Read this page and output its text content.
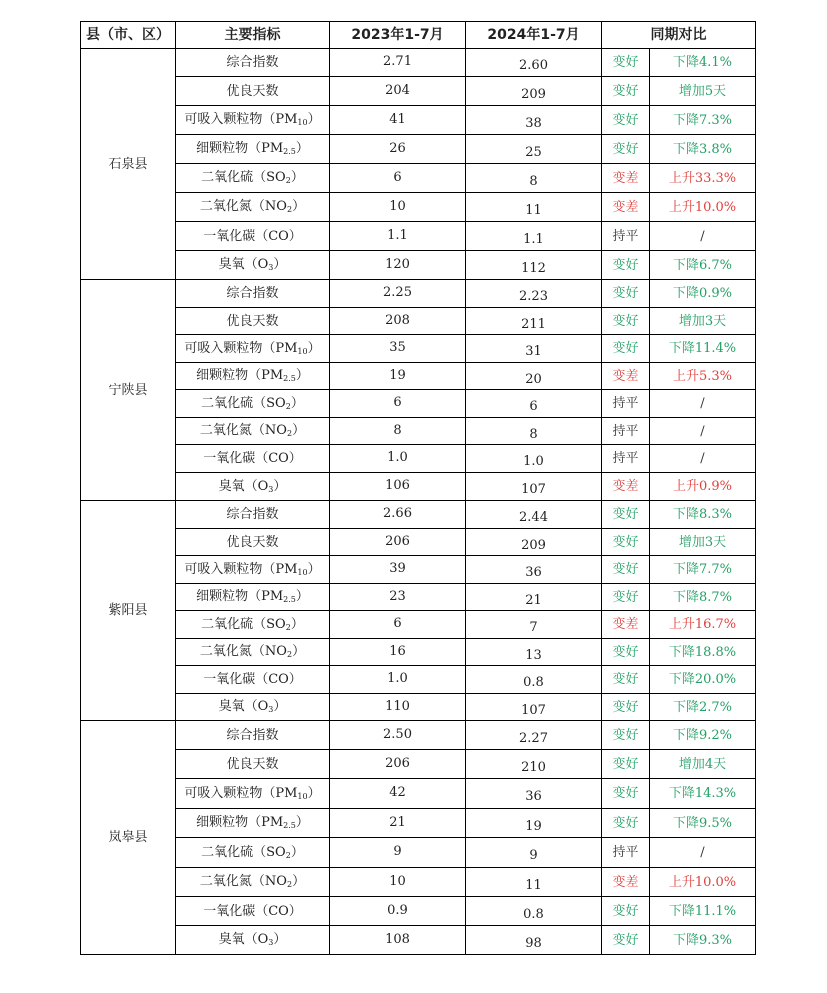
县（市、区）	主要指标	2023年1-7月	2024年1-7月	同期对比	
石泉县	综合指数	2.71	2.60	变好	下降4.1%
	优良天数	204	209	变好	增加5天
	可吸入颗粒物$(PM_{10})$	41	38	变好	下降7.3%
	细颗粒物$(PM_{2.5})$	26	25	变好	下降3.8%
	二氧化硫$(SO_2)$	6	8	变差	上升33.3%
	二氧化氮$(NO_2)$	10	11	变差	上升10.0%
	一氧化碳（CO）	1.1	1.1	持平	/
	臭氧$(O_3)$	120	112	变好	下降6.7%
宁陕县	综合指数	2.25	2.23	变好	下降0.9%
	优良天数	208	211	变好	增加3天
	可吸入颗粒物$(PM_{10})$	35	31	变好	下降11.4%
	细颗粒物$(PM_{2.5})$	19	20	变差	上升5.3%
	二氧化硫$(SO_2)$	6	6	持平	/
	二氧化氮$(NO_2)$	8	8	持平	/
	一氧化碳（CO）	1.0	1.0	持平	/
	臭氧$(O_3)$	106	107	变差	上升0.9%
紫阳县	综合指数	2.66	2.44	变好	下降8.3%
	优良天数	206	209	变好	增加3天
	可吸入颗粒物$(PM_{10})$	39	36	变好	下降7.7%
	细颗粒物$(PM_{2.5})$	23	21	变好	下降8.7%
	二氧化硫$(SO_2)$	6	7	变差	上升16.7%
	二氧化氮$(NO_2)$	16	13	变好	下降18.8%
	一氧化碳（CO）	1.0	0.8	变好	下降20.0%
	臭氧$(O_3)$	110	107	变好	下降2.7%
岚皋县	综合指数	2.50	2.27	变好	下降9.2%
	优良天数	206	210	变好	增加4天
	可吸入颗粒物$(PM_{10})$	42	36	变好	下降14.3%
	细颗粒物$(PM_{2.5})$	21	19	变好	下降9.5%
	二氧化硫$(SO_2)$	9	9	持平	/
	二氧化氮$(NO_2)$	10	11	变差	上升10.0%
	一氧化碳（CO）	0.9	0.8	变好	下降11.1%
	臭氧$(O_3)$	108	98	变好	下降9.3%
